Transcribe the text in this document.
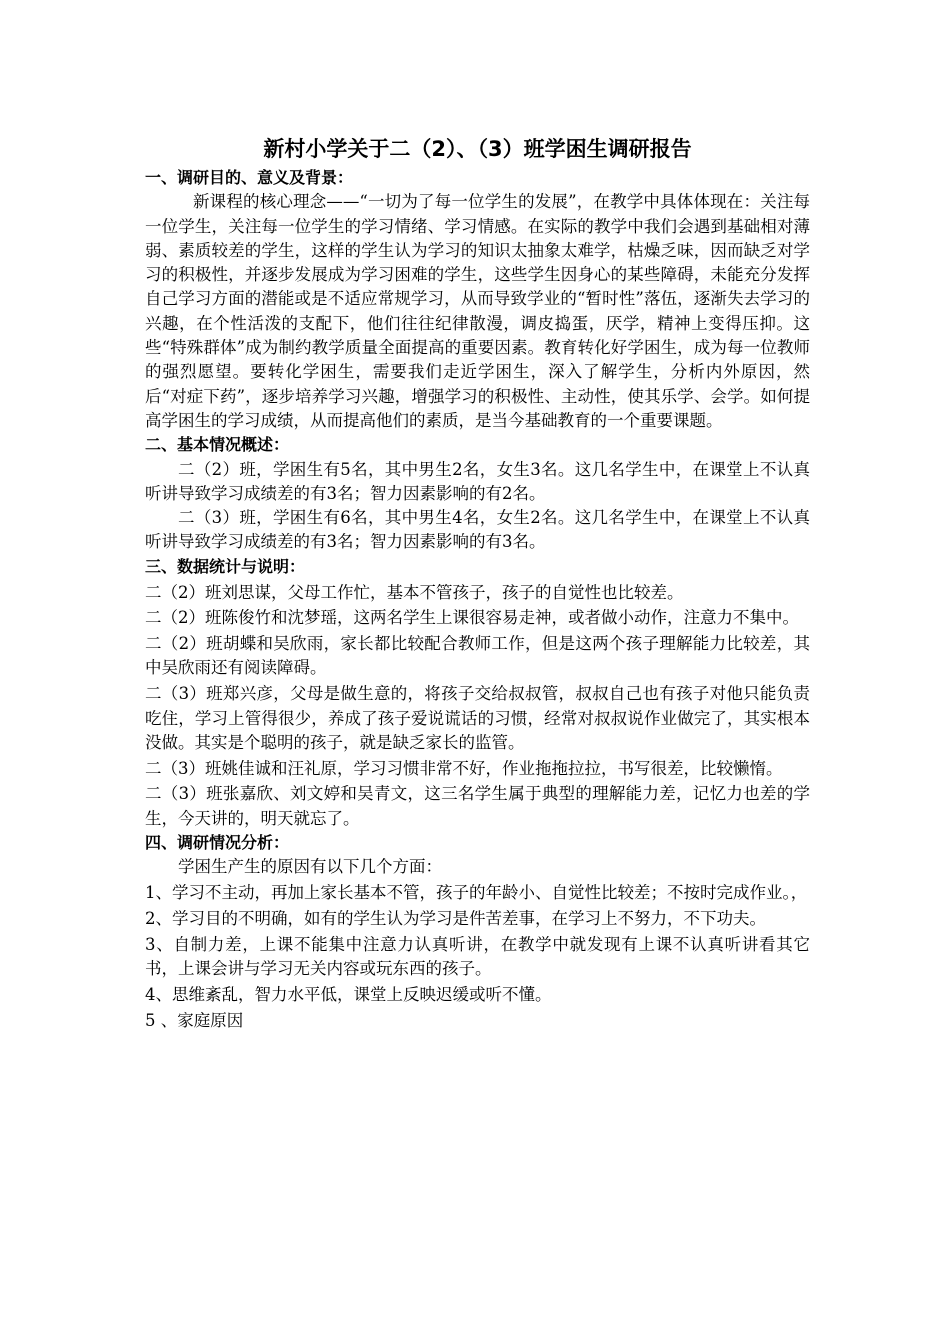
新村小学关于二（2）、（3）班学困生调研报告
一、调研目的、意义及背景：

新课程的核心理念——“一切为了每一位学生的发展”，在教学中具体体现在：关注每一位学生，关注每一位学生的学习情绪、学习情感。在实际的教学中我们会遇到基础相对薄弱、素质较差的学生，这样的学生认为学习的知识太抽象太难学，枯燥乏味，因而缺乏对学习的积极性，并逐步发展成为学习困难的学生，这些学生因身心的某些障碍，未能充分发挥自己学习方面的潜能或是不适应常规学习，从而导致学业的“暂时性”落伍，逐渐失去学习的兴趣，在个性活泼的支配下，他们往往纪律散漫，调皮捣蛋，厌学，精神上变得压抑。这些“特殊群体”成为制约教学质量全面提高的重要因素。教育转化好学困生，成为每一位教师的强烈愿望。要转化学困生，需要我们走近学困生，深入了解学生，分析内外原因，然后“对症下药”，逐步培养学习兴趣，增强学习的积极性、主动性，使其乐学、会学。如何提高学困生的学习成绩，从而提高他们的素质，是当今基础教育的一个重要课题。

二、基本情况概述：

二（2）班，学困生有5名，其中男生2名，女生3名。这几名学生中，在课堂上不认真听讲导致学习成绩差的有3名；智力因素影响的有2名。

二（3）班，学困生有6名，其中男生4名，女生2名。这几名学生中，在课堂上不认真听讲导致学习成绩差的有3名；智力因素影响的有3名。

三、数据统计与说明：

二（2）班刘思谋，父母工作忙，基本不管孩子，孩子的自觉性也比较差。

二（2）班陈俊竹和沈梦瑶，这两名学生上课很容易走神，或者做小动作，注意力不集中。

二（2）班胡蝶和吴欣雨，家长都比较配合教师工作，但是这两个孩子理解能力比较差，其中吴欣雨还有阅读障碍。

二（3）班郑兴彦，父母是做生意的，将孩子交给叔叔管，叔叔自己也有孩子对他只能负责吃住，学习上管得很少，养成了孩子爱说谎话的习惯，经常对叔叔说作业做完了，其实根本没做。其实是个聪明的孩子，就是缺乏家长的监管。

二（3）班姚佳诚和汪礼原，学习习惯非常不好，作业拖拖拉拉，书写很差，比较懒惰。

二（3）班张嘉欣、刘文婷和吴青文，这三名学生属于典型的理解能力差，记忆力也差的学生，今天讲的，明天就忘了。

四、调研情况分析：

学困生产生的原因有以下几个方面：

1、学习不主动，再加上家长基本不管，孩子的年龄小、自觉性比较差；不按时完成作业。，

2、学习目的不明确，如有的学生认为学习是件苦差事，在学习上不努力，不下功夫。

3、自制力差，上课不能集中注意力认真听讲，在教学中就发现有上课不认真听讲看其它书，上课会讲与学习无关内容或玩东西的孩子。

4、思维紊乱，智力水平低，课堂上反映迟缓或听不懂。

5 、家庭原因
